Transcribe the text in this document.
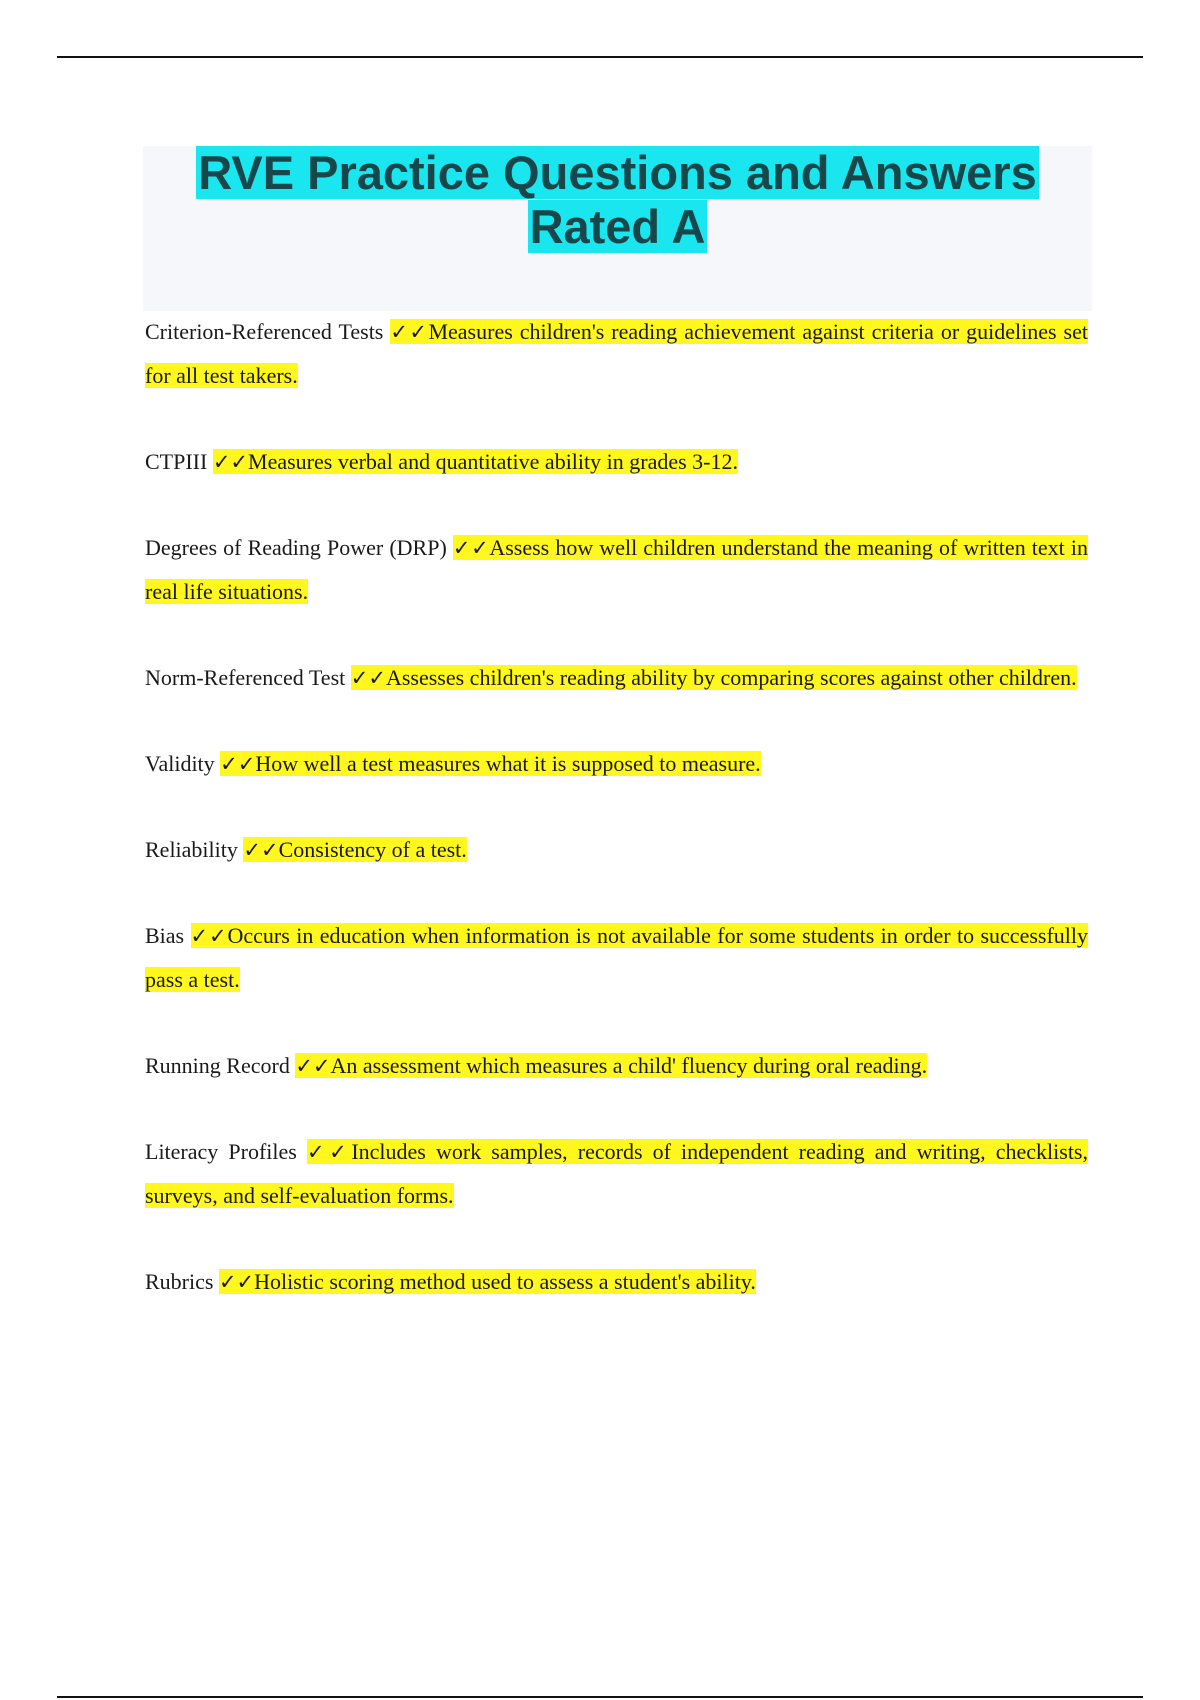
RVE Practice Questions and Answers
Rated A
Criterion-Referenced Tests ✓✓Measures children's reading achievement against criteria or guidelines set for all test takers.
CTPIII ✓✓Measures verbal and quantitative ability in grades 3-12.
Degrees of Reading Power (DRP) ✓✓Assess how well children understand the meaning of written text in real life situations.
Norm-Referenced Test ✓✓Assesses children's reading ability by comparing scores against other children.
Validity ✓✓How well a test measures what it is supposed to measure.
Reliability ✓✓Consistency of a test.
Bias ✓✓Occurs in education when information is not available for some students in order to successfully pass a test.
Running Record ✓✓An assessment which measures a child' fluency during oral reading.
Literacy Profiles ✓✓Includes work samples, records of independent reading and writing, checklists, surveys, and self-evaluation forms.
Rubrics ✓✓Holistic scoring method used to assess a student's ability.
